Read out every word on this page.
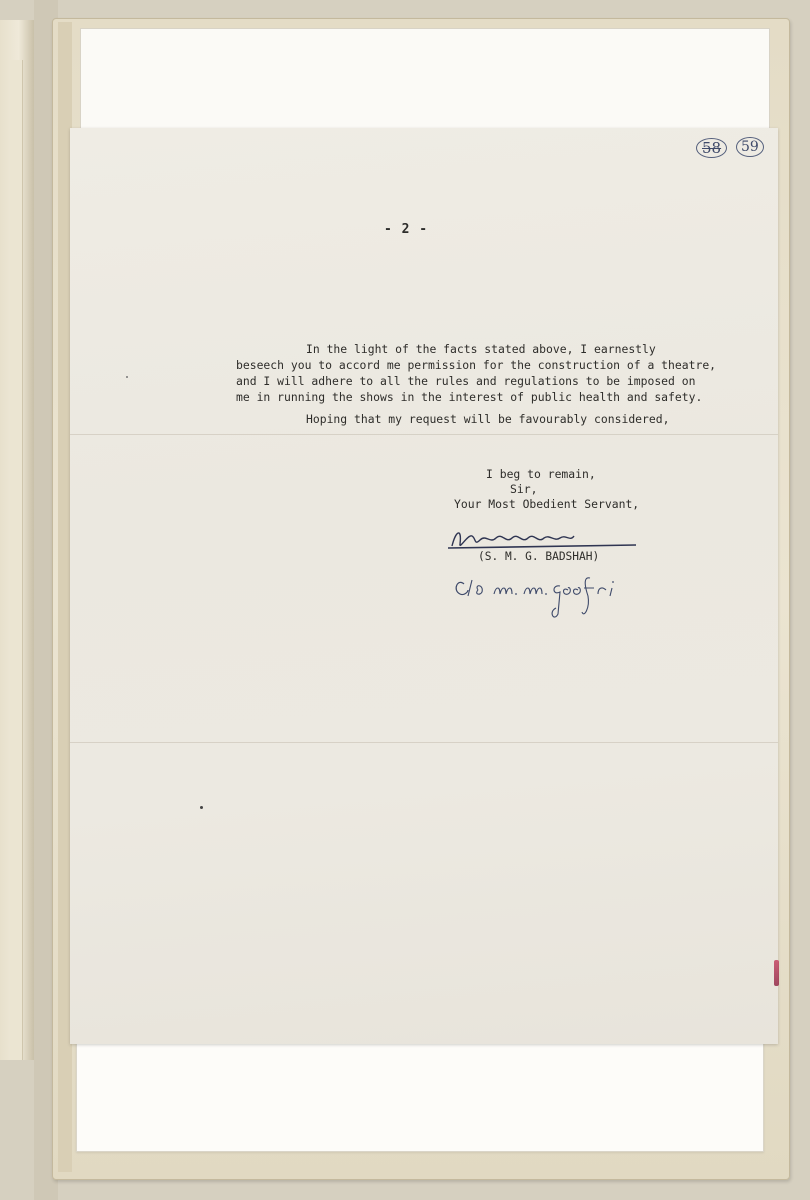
58	59
- 2 -
In the light of the facts stated above, I earnestly
beseech you to accord me permission for the construction of a theatre,
and I will adhere to all the rules and regulations to be imposed on
me in running the shows in the interest of public health and safety.
Hoping that my request will be favourably considered,
I beg to remain,
Sir,
Your Most Obedient Servant,
(S. M. G. BADSHAH)
